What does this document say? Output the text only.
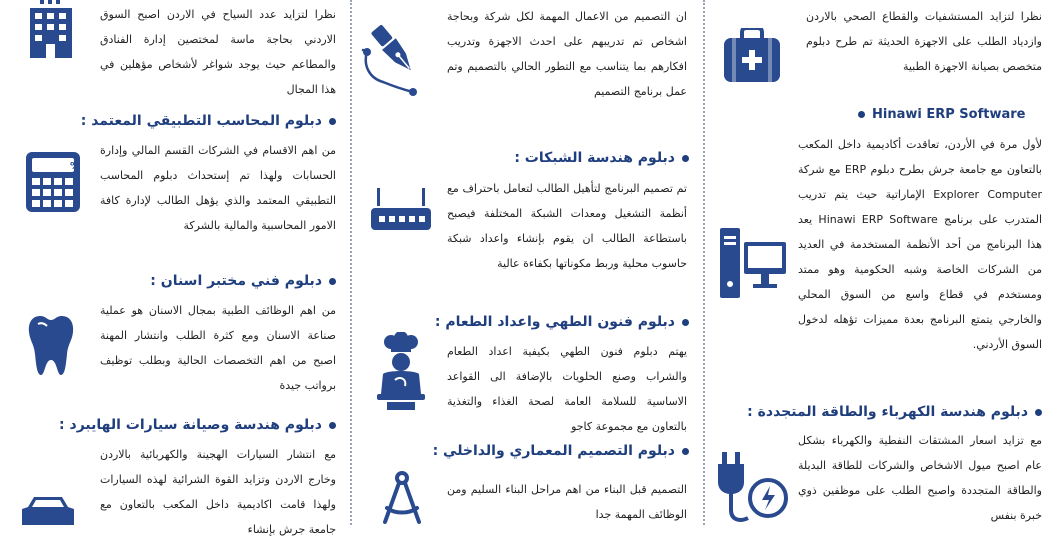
نظرا لتزايد عدد السياح في الاردن اصبح السوق الاردني بحاجة ماسة لمختصين إدارة الفنادق والمطاعم حيث يوجد شواغر لأشخاص مؤهلين في هذا المجال

دبلوم المحاسب التطبيقي المعتمد :

%

من اهم الاقسام في الشركات القسم المالي وإدارة الحسابات ولهذا تم إستحداث دبلوم المحاسب التطبيقي المعتمد والذي يؤهل الطالب لإدارة كافة الامور المحاسبية والمالية بالشركة

دبلوم فني مختبر اسنان :

من اهم الوظائف الطبية بمجال الاسنان هو عملية صناعة الاسنان ومع كثرة الطلب وانتشار المهنة اصبح من اهم التخصصات الحالية وبطلب توظيف برواتب جيدة

دبلوم هندسة وصيانة سيارات الهايبرد :

مع انتشار السيارات الهجينة والكهربائية بالاردن وخارج الاردن وتزايد القوة الشرائية لهذه السيارات ولهذا قامت اكاديمية داخل المكعب بالتعاون مع جامعة جرش بإنشاء

ان التصميم من الاعمال المهمة لكل شركة وبحاجة اشخاص تم تدريبهم على احدث الاجهزة وتدريب افكارهم بما يتناسب مع التطور الحالي بالتصميم وتم عمل برنامج التصميم

دبلوم هندسة الشبكات :

تم تصميم البرنامج لتأهيل الطالب لتعامل باحتراف مع أنظمة التشغيل ومعدات الشبكة المختلفة فيصبح باستطاعة الطالب ان يقوم بإنشاء واعداد شبكة حاسوب محلية وربط مكوناتها بكفاءة عالية

دبلوم فنون الطهي واعداد الطعام :

يهتم دبلوم فنون الطهي بكيفية اعداد الطعام والشراب وصنع الحلويات بالإضافة الى القواعد الاساسية للسلامة العامة لصحة الغذاء والتغذية بالتعاون مع مجموعة كاجو

دبلوم التصميم المعماري والداخلي :

التصميم قبل البناء من اهم مراحل البناء السليم ومن الوظائف المهمة جدا

نظرا لتزايد المستشفيات والقطاع الصحي بالاردن وازدياد الطلب على الاجهزة الحديثة تم طرح دبلوم متخصص بصيانة الاجهزة الطبية

Hinawi ERP Software

لأول مرة في الأردن، تعاقدت أكاديمية داخل المكعب بالتعاون مع جامعة جرش بطرح دبلوم ERP مع شركة Explorer Computer الإماراتية حيث يتم تدريب المتدرب على برنامج Hinawi ERP Software يعد هذا البرنامج من أحد الأنظمة المستخدمة في العديد من الشركات الخاصة وشبه الحكومية وهو ممتد ومستخدم في قطاع واسع من السوق المحلي والخارجي يتمتع البرنامج بعدة مميزات تؤهله لدخول السوق الأردني.

دبلوم هندسة الكهرباء والطاقة المتجددة :

مع تزايد اسعار المشتقات النفطية والكهرباء بشكل عام اصبح ميول الاشخاص والشركات للطاقة البديلة والطاقة المتجددة واصبح الطلب على موظفين ذوي خبرة بنفس
